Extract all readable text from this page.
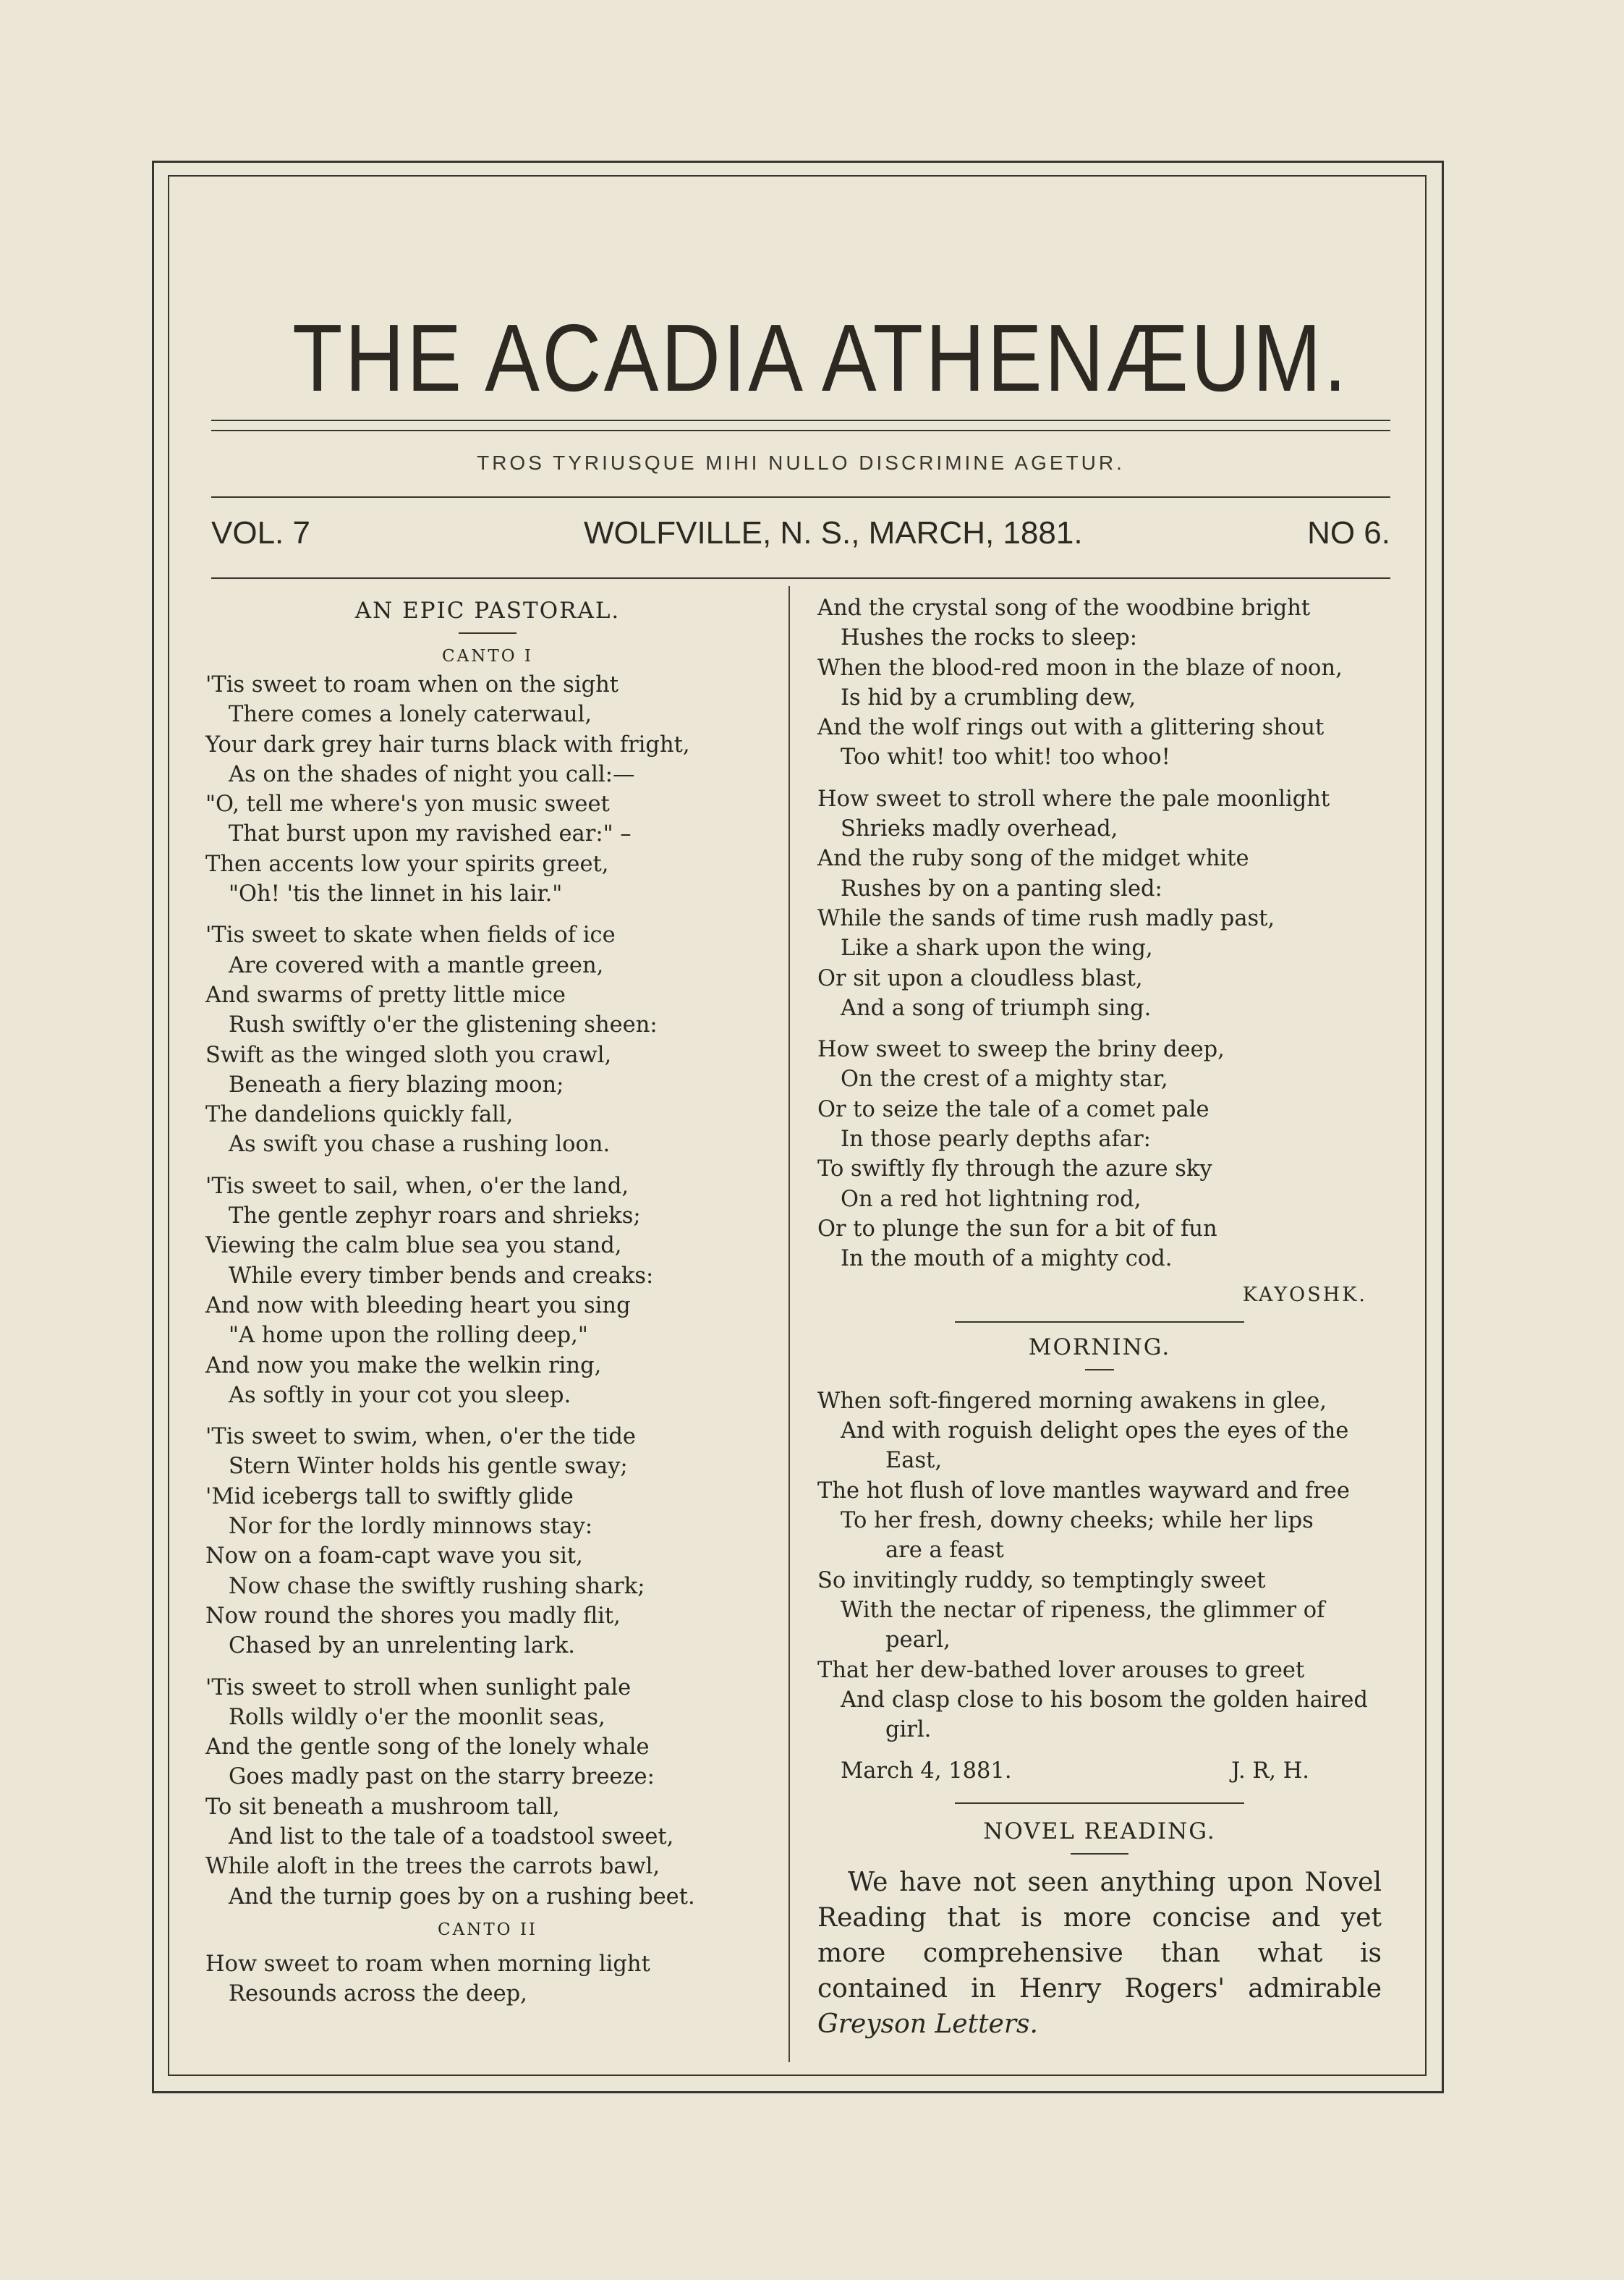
THE ACADIA ATHENÆUM.
TROS TYRIUSQUE MIHI NULLO DISCRIMINE AGETUR.
VOL. 7	WOLFVILLE, N. S., MARCH, 1881.	NO 6.
AN EPIC PASTORAL.
CANTO I
'Tis sweet to roam when on the sight
There comes a lonely caterwaul,
Your dark grey hair turns black with fright,
As on the shades of night you call:—
"O, tell me where's yon music sweet
That burst upon my ravished ear:" –
Then accents low your spirits greet,
"Oh! 'tis the linnet in his lair."
'Tis sweet to skate when fields of ice
Are covered with a mantle green,
And swarms of pretty little mice
Rush swiftly o'er the glistening sheen:
Swift as the winged sloth you crawl,
Beneath a fiery blazing moon;
The dandelions quickly fall,
As swift you chase a rushing loon.
'Tis sweet to sail, when, o'er the land,
The gentle zephyr roars and shrieks;
Viewing the calm blue sea you stand,
While every timber bends and creaks:
And now with bleeding heart you sing
"A home upon the rolling deep,"
And now you make the welkin ring,
As softly in your cot you sleep.
'Tis sweet to swim, when, o'er the tide
Stern Winter holds his gentle sway;
'Mid icebergs tall to swiftly glide
Nor for the lordly minnows stay:
Now on a foam-capt wave you sit,
Now chase the swiftly rushing shark;
Now round the shores you madly flit,
Chased by an unrelenting lark.
'Tis sweet to stroll when sunlight pale
Rolls wildly o'er the moonlit seas,
And the gentle song of the lonely whale
Goes madly past on the starry breeze:
To sit beneath a mushroom tall,
And list to the tale of a toadstool sweet,
While aloft in the trees the carrots bawl,
And the turnip goes by on a rushing beet.
CANTO II
How sweet to roam when morning light
Resounds across the deep,
And the crystal song of the woodbine bright
Hushes the rocks to sleep:
When the blood-red moon in the blaze of noon,
Is hid by a crumbling dew,
And the wolf rings out with a glittering shout
Too whit! too whit! too whoo!
How sweet to stroll where the pale moonlight
Shrieks madly overhead,
And the ruby song of the midget white
Rushes by on a panting sled:
While the sands of time rush madly past,
Like a shark upon the wing,
Or sit upon a cloudless blast,
And a song of triumph sing.
How sweet to sweep the briny deep,
On the crest of a mighty star,
Or to seize the tale of a comet pale
In those pearly depths afar:
To swiftly fly through the azure sky
On a red hot lightning rod,
Or to plunge the sun for a bit of fun
In the mouth of a mighty cod.
KAYOSHK.
MORNING.
When soft-fingered morning awakens in glee,
And with roguish delight opes the eyes of the
East,
The hot flush of love mantles wayward and free
To her fresh, downy cheeks; while her lips
are a feast
So invitingly ruddy, so temptingly sweet
With the nectar of ripeness, the glimmer of
pearl,
That her dew-bathed lover arouses to greet
And clasp close to his bosom the golden haired
girl.
March 4, 1881.	J. R, H.
NOVEL READING.
We have not seen anything upon Novel Reading that is more concise and yet more comprehensive than what is contained in Henry Rogers' admirable Greyson Letters.
